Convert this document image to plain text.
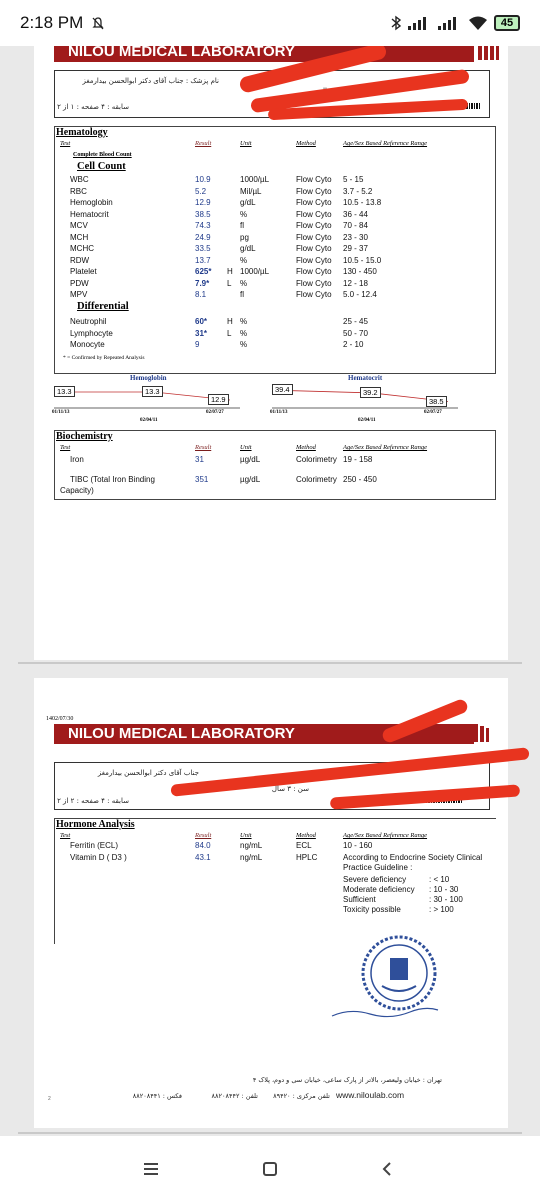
2:18 PM	45
NILOU MEDICAL LABORATORY
نام پزشک : جناب آقای دکتر ابوالحسن بیدارمغز
سابقه : ۴ صفحه : ۱ از ۲
Hematology
Test	Result	Unit	Method	Age/Sex Based Reference Range
Complete Blood Count
Cell Count
WBC	10.9	1000/µL	Flow Cyto 5 - 15
RBC	5.2	Mil/µL	Flow Cyto 3.7 - 5.2
Hemoglobin	12.9	g/dL	Flow Cyto 10.5 - 13.8
Hematocrit	38.5	%	Flow Cyto 36 - 44
MCV	74.3	fl	Flow Cyto 70 - 84
MCH	24.9	pg	Flow Cyto 23 - 30
MCHC	33.5	g/dL	Flow Cyto 29 - 37
RDW	13.7	%	Flow Cyto 10.5 - 15.0
Platelet	625* H 1000/µL	Flow Cyto 130 - 450
PDW	7.9* L %	Flow Cyto 12 - 18
MPV	8.1	fl	Flow Cyto 5.0 - 12.4
Differential
Neutrophil	60* H %	25 - 45
Lymphocyte	31* L %	50 - 70
Monocyte	9	%	2 - 10
* = Confirmed by Repeated Analysis
Hemoglobin
13.3
01/11/13
13.3
02/04/11
12.9
02/07/27
Hematocrit
39.4
01/11/13
39.2
02/04/11
38.5
02/07/27
Biochemistry
Test	Result	Unit	Method	Age/Sex Based Reference Range
Iron	31	µg/dL	Colorimetry 19 - 158
TIBC (Total Iron Binding	351	µg/dL	Colorimetry 250 - 450
Capacity)
1402/07/30
NILOU MEDICAL LABORATORY
جناب آقای دکتر ابوالحسن بیدارمغز
سن : ۳ سال
سابقه : ۴ صفحه : ۲ از ۲
Hormone Analysis
Test	Result	Unit	Method	Age/Sex Based Reference Range
Ferritin (ECL)	84.0	ng/mL	ECL	10 - 160
Vitamin D ( D3 )	43.1	ng/mL	HPLC	According to Endocrine Society Clinical
Practice Guideline :
Severe deficiency	: < 10
Moderate deficiency : 10 - 30
Sufficient	: 30 - 100
Toxicity possible	: > 100
تهران : خیابان ولیعصر، بالاتر از پارک ساعی، خیابان سی و دوم، پلاک ۴
تلفن مرکزی : ۸۹۴۲۰
تلفن : ۸۸۲۰۸۴۴۲
فکس : ۸۸۲۰۸۴۴۱	www.niloulab.com
2
